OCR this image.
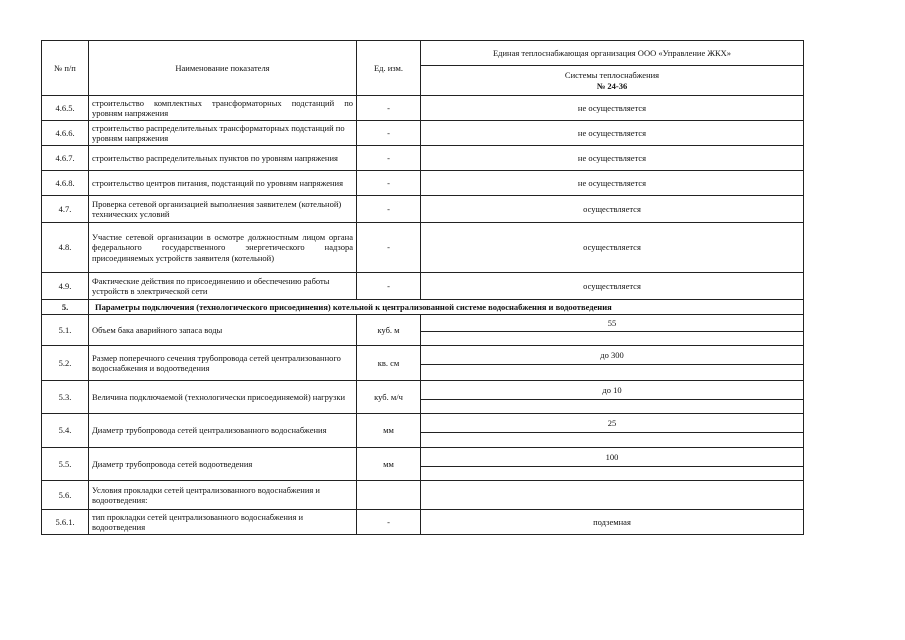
№ п/п	Наименование показателя	Ед. изм.	Единая теплоснабжающая организация ООО «Управление ЖКХ»

			Системы теплоснабжения
№ 24-36

4.6.5.	строительство комплектных трансформаторных подстанций по уровням напряжения	-	не осуществляется
4.6.6.	строительство распределительных трансформаторных подстанций по уровням напряжения	-	не осуществляется
4.6.7.	строительство распределительных пунктов по уровням напряжения	-	не осуществляется
4.6.8.	строительство центров питания, подстанций по уровням напряжения	-	не осуществляется
4.7.	Проверка сетевой организацией выполнения заявителем (котельной) технических условий	-	осуществляется
4.8.	Участие сетевой организации в осмотре должностным лицом органа федерального государственного энергетического надзора присоединяемых устройств заявителя (котельной)	-	осуществляется
4.9.	Фактические действия по присоединению и обеспечению работы устройств в электрической сети	-	осуществляется
5.	Параметры подключения (технологического присоединения) котельной к централизованной системе водоснабжения и водоотведения		
5.1.	Объем бака аварийного запаса воды	куб. м	55

5.2.	Размер поперечного сечения трубопровода сетей централизованного водоснабжения и водоотведения	кв. см	до 300

5.3.	Величина подключаемой (технологически присоединяемой) нагрузки	куб. м/ч	до 10

5.4.	Диаметр трубопровода сетей централизованного водоснабжения	мм	25

5.5.	Диаметр трубопровода сетей водоотведения	мм	100

5.6.	Условия прокладки сетей централизованного водоснабжения и водоотведения:		
5.6.1.	тип прокладки сетей централизованного водоснабжения и водоотведения	-	подземная
